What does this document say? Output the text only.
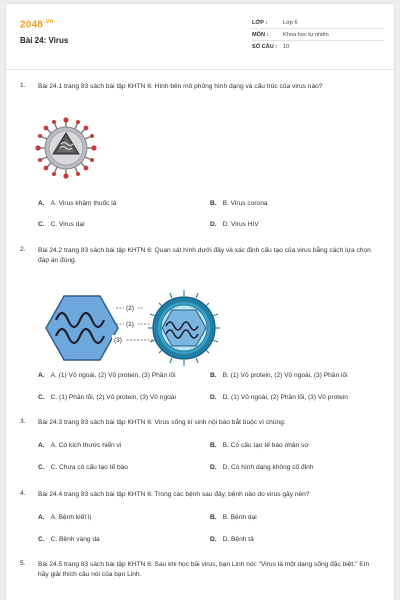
$2048^{.vn}$
Bài 24: Virus
LỚP :	Lớp 6
MÔN :	Khoa học tự nhiên
SỐ CÂU :	10
1. Bài 24.1 trang 83 sách bài tập KHTN 6: Hình bên mô phỏng hình dạng và cấu trúc của virus nào?
A. A. Virus khảm thuốc lá	B. B. Virus corona
C. C. Virus dại	D. D. Virus HIV
2. Bài 24.2 trang 83 sách bài tập KHTN 6: Quan sát hình dưới đây và xác định cấu tạo của virus bằng cách lựa chọn đáp án đúng.
A. A. (1) Vỏ ngoài, (2) Vỏ protein, (3) Phần lõi	B. B. (1) Vỏ protein, (2) Vỏ ngoài, (3) Phần lõi
C. C. (1) Phần lõi, (2) Vỏ protein, (3) Vỏ ngoài	D. D. (1) Vỏ ngoài, (2) Phần lõi, (3) Vỏ protein
(2)
(1)
(3)
3. Bài 24.3 trang 83 sách bài tập KHTN 6: Virus sống kí sinh nội bào bắt buộc vì chúng:
A. A. Có kích thước hiển vi	B. B. Có cấu tạo tế bào nhân sơ
C. C. Chưa có cấu tạo tế bào	D. D. Có hình dạng không cố định
4. Bài 24.4 trang 83 sách bài tập KHTN 6: Trong các bệnh sau đây, bệnh nào do virus gây nên?
A. A. Bệnh kiết lị	B. B. Bệnh dại
C. C. Bệnh vàng da	D. D. Bệnh tả
5. Bài 24.5 trang 83 sách bài tập KHTN 6: Sau khi học bài virus, bạn Linh nói: "Virus là một dạng sống đặc biệt." Em hãy giải thích câu nói của bạn Linh.
